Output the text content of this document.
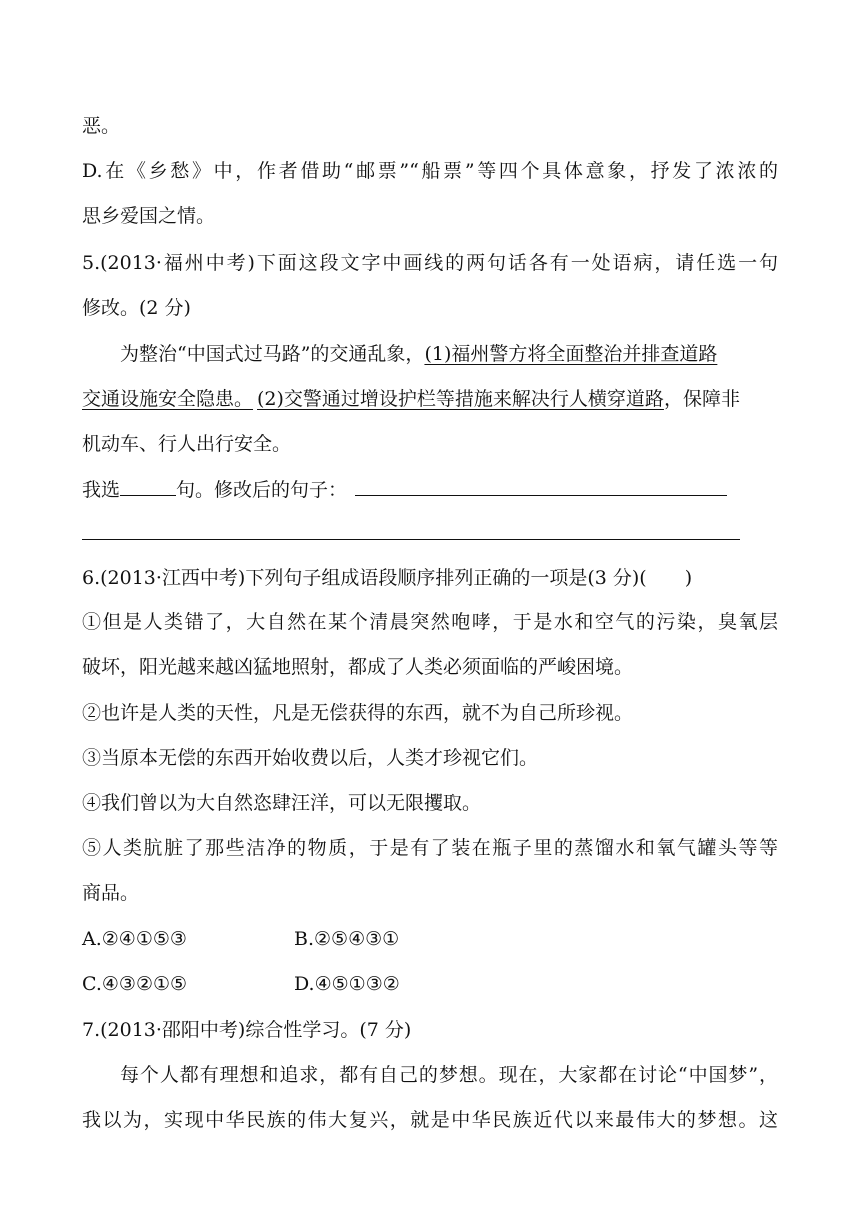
恶。
D.在《乡愁》中，作者借助“邮票”“船票”等四个具体意象，抒发了浓浓的
思乡爱国之情。
5.(2013·福州中考)下面这段文字中画线的两句话各有一处语病，请任选一句
修改。(2 分)
为整治“中国式过马路”的交通乱象，(1)福州警方将全面整治并排查道路
交通设施安全隐患。 (2)交警通过增设护栏等措施来解决行人横穿道路，保障非
机动车、行人出行安全。
我选	句。修改后的句子：
6.(2013·江西中考)下列句子组成语段顺序排列正确的一项是(3 分)(　　)
①但是人类错了，大自然在某个清晨突然咆哮，于是水和空气的污染，臭氧层
破坏，阳光越来越凶猛地照射，都成了人类必须面临的严峻困境。
②也许是人类的天性，凡是无偿获得的东西，就不为自己所珍视。
③当原本无偿的东西开始收费以后，人类才珍视它们。
④我们曾以为大自然恣肆汪洋，可以无限攫取。
⑤人类肮脏了那些洁净的物质，于是有了装在瓶子里的蒸馏水和氧气罐头等等
商品。
A.②④①⑤③	B.②⑤④③①
C.④③②①⑤	D.④⑤①③②
7.(2013·邵阳中考)综合性学习。(7 分)
每个人都有理想和追求，都有自己的梦想。现在，大家都在讨论“中国梦”，
我以为，实现中华民族的伟大复兴，就是中华民族近代以来最伟大的梦想。这
